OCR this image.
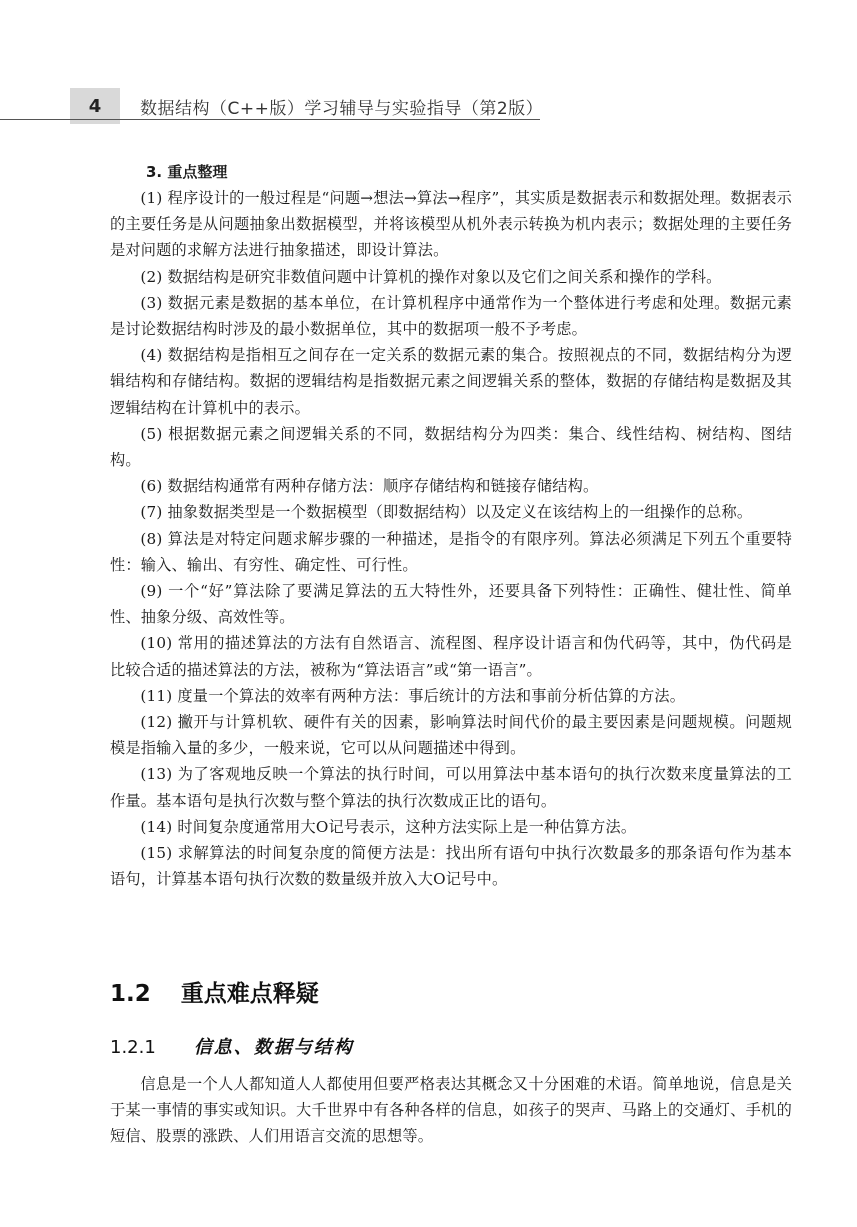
4	数据结构（C++版）学习辅导与实验指导（第2版）
3. 重点整理

(1) 程序设计的一般过程是“问题→想法→算法→程序”，其实质是数据表示和数据处理。数据表示的主要任务是从问题抽象出数据模型，并将该模型从机外表示转换为机内表示；数据处理的主要任务是对问题的求解方法进行抽象描述，即设计算法。

(2) 数据结构是研究非数值问题中计算机的操作对象以及它们之间关系和操作的学科。

(3) 数据元素是数据的基本单位，在计算机程序中通常作为一个整体进行考虑和处理。数据元素是讨论数据结构时涉及的最小数据单位，其中的数据项一般不予考虑。

(4) 数据结构是指相互之间存在一定关系的数据元素的集合。按照视点的不同，数据结构分为逻辑结构和存储结构。数据的逻辑结构是指数据元素之间逻辑关系的整体，数据的存储结构是数据及其逻辑结构在计算机中的表示。

(5) 根据数据元素之间逻辑关系的不同，数据结构分为四类：集合、线性结构、树结构、图结构。

(6) 数据结构通常有两种存储方法：顺序存储结构和链接存储结构。

(7) 抽象数据类型是一个数据模型（即数据结构）以及定义在该结构上的一组操作的总称。

(8) 算法是对特定问题求解步骤的一种描述，是指令的有限序列。算法必须满足下列五个重要特性：输入、输出、有穷性、确定性、可行性。

(9) 一个“好”算法除了要满足算法的五大特性外，还要具备下列特性：正确性、健壮性、简单性、抽象分级、高效性等。

(10) 常用的描述算法的方法有自然语言、流程图、程序设计语言和伪代码等，其中，伪代码是比较合适的描述算法的方法，被称为“算法语言”或“第一语言”。

(11) 度量一个算法的效率有两种方法：事后统计的方法和事前分析估算的方法。

(12) 撇开与计算机软、硬件有关的因素，影响算法时间代价的最主要因素是问题规模。问题规模是指输入量的多少，一般来说，它可以从问题描述中得到。

(13) 为了客观地反映一个算法的执行时间，可以用算法中基本语句的执行次数来度量算法的工作量。基本语句是执行次数与整个算法的执行次数成正比的语句。

(14) 时间复杂度通常用大O记号表示，这种方法实际上是一种估算方法。

(15) 求解算法的时间复杂度的简便方法是：找出所有语句中执行次数最多的那条语句作为基本语句，计算基本语句执行次数的数量级并放入大O记号中。

1.2 重点难点释疑
1.2.1 信息、数据与结构

信息是一个人人都知道人人都使用但要严格表达其概念又十分困难的术语。简单地说，信息是关于某一事情的事实或知识。大千世界中有各种各样的信息，如孩子的哭声、马路上的交通灯、手机的短信、股票的涨跌、人们用语言交流的思想等。
